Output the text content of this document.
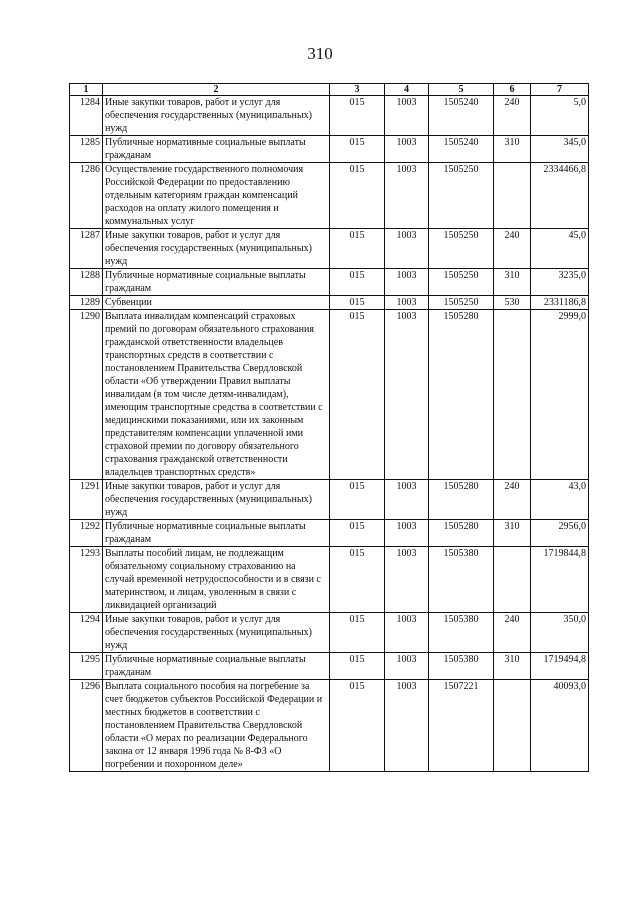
310
1	2	3	4	5	6	7
1284	Иные закупки товаров, работ и услуг для обеспечения государственных (муниципальных) нужд	015	1003	1505240	240	5,0
1285	Публичные нормативные социальные выплаты гражданам	015	1003	1505240	310	345,0
1286	Осуществление государственного полномочия Российской Федерации по предоставлению отдельным категориям граждан компенсаций расходов на оплату жилого помещения и коммунальных услуг	015	1003	1505250		2334466,8
1287	Иные закупки товаров, работ и услуг для обеспечения государственных (муниципальных) нужд	015	1003	1505250	240	45,0
1288	Публичные нормативные социальные выплаты гражданам	015	1003	1505250	310	3235,0
1289	Субвенции	015	1003	1505250	530	2331186,8
1290	Выплата инвалидам компенсаций страховых премий по договорам обязательного страхования гражданской ответственности владельцев транспортных средств в соответствии с постановлением Правительства Свердловской области «Об утверждении Правил выплаты инвалидам (в том числе детям-инвалидам), имеющим транспортные средства в соответствии с медицинскими показаниями, или их законным представителям компенсации уплаченной ими страховой премии по договору обязательного страхования гражданской ответственности владельцев транспортных средств»	015	1003	1505280		2999,0
1291	Иные закупки товаров, работ и услуг для обеспечения государственных (муниципальных) нужд	015	1003	1505280	240	43,0
1292	Публичные нормативные социальные выплаты гражданам	015	1003	1505280	310	2956,0
1293	Выплаты пособий лицам, не подлежащим обязательному социальному страхованию на случай временной нетрудоспособности и в связи с материнством, и лицам, уволенным в связи с ликвидацией организаций	015	1003	1505380		1719844,8
1294	Иные закупки товаров, работ и услуг для обеспечения государственных (муниципальных) нужд	015	1003	1505380	240	350,0
1295	Публичные нормативные социальные выплаты гражданам	015	1003	1505380	310	1719494,8
1296	Выплата социального пособия на погребение за счет бюджетов субъектов Российской Федерации и местных бюджетов в соответствии с постановлением Правительства Свердловской области «О мерах по реализации Федерального закона от 12 января 1996 года № 8-ФЗ «О погребении и похоронном деле»	015	1003	1507221		40093,0
